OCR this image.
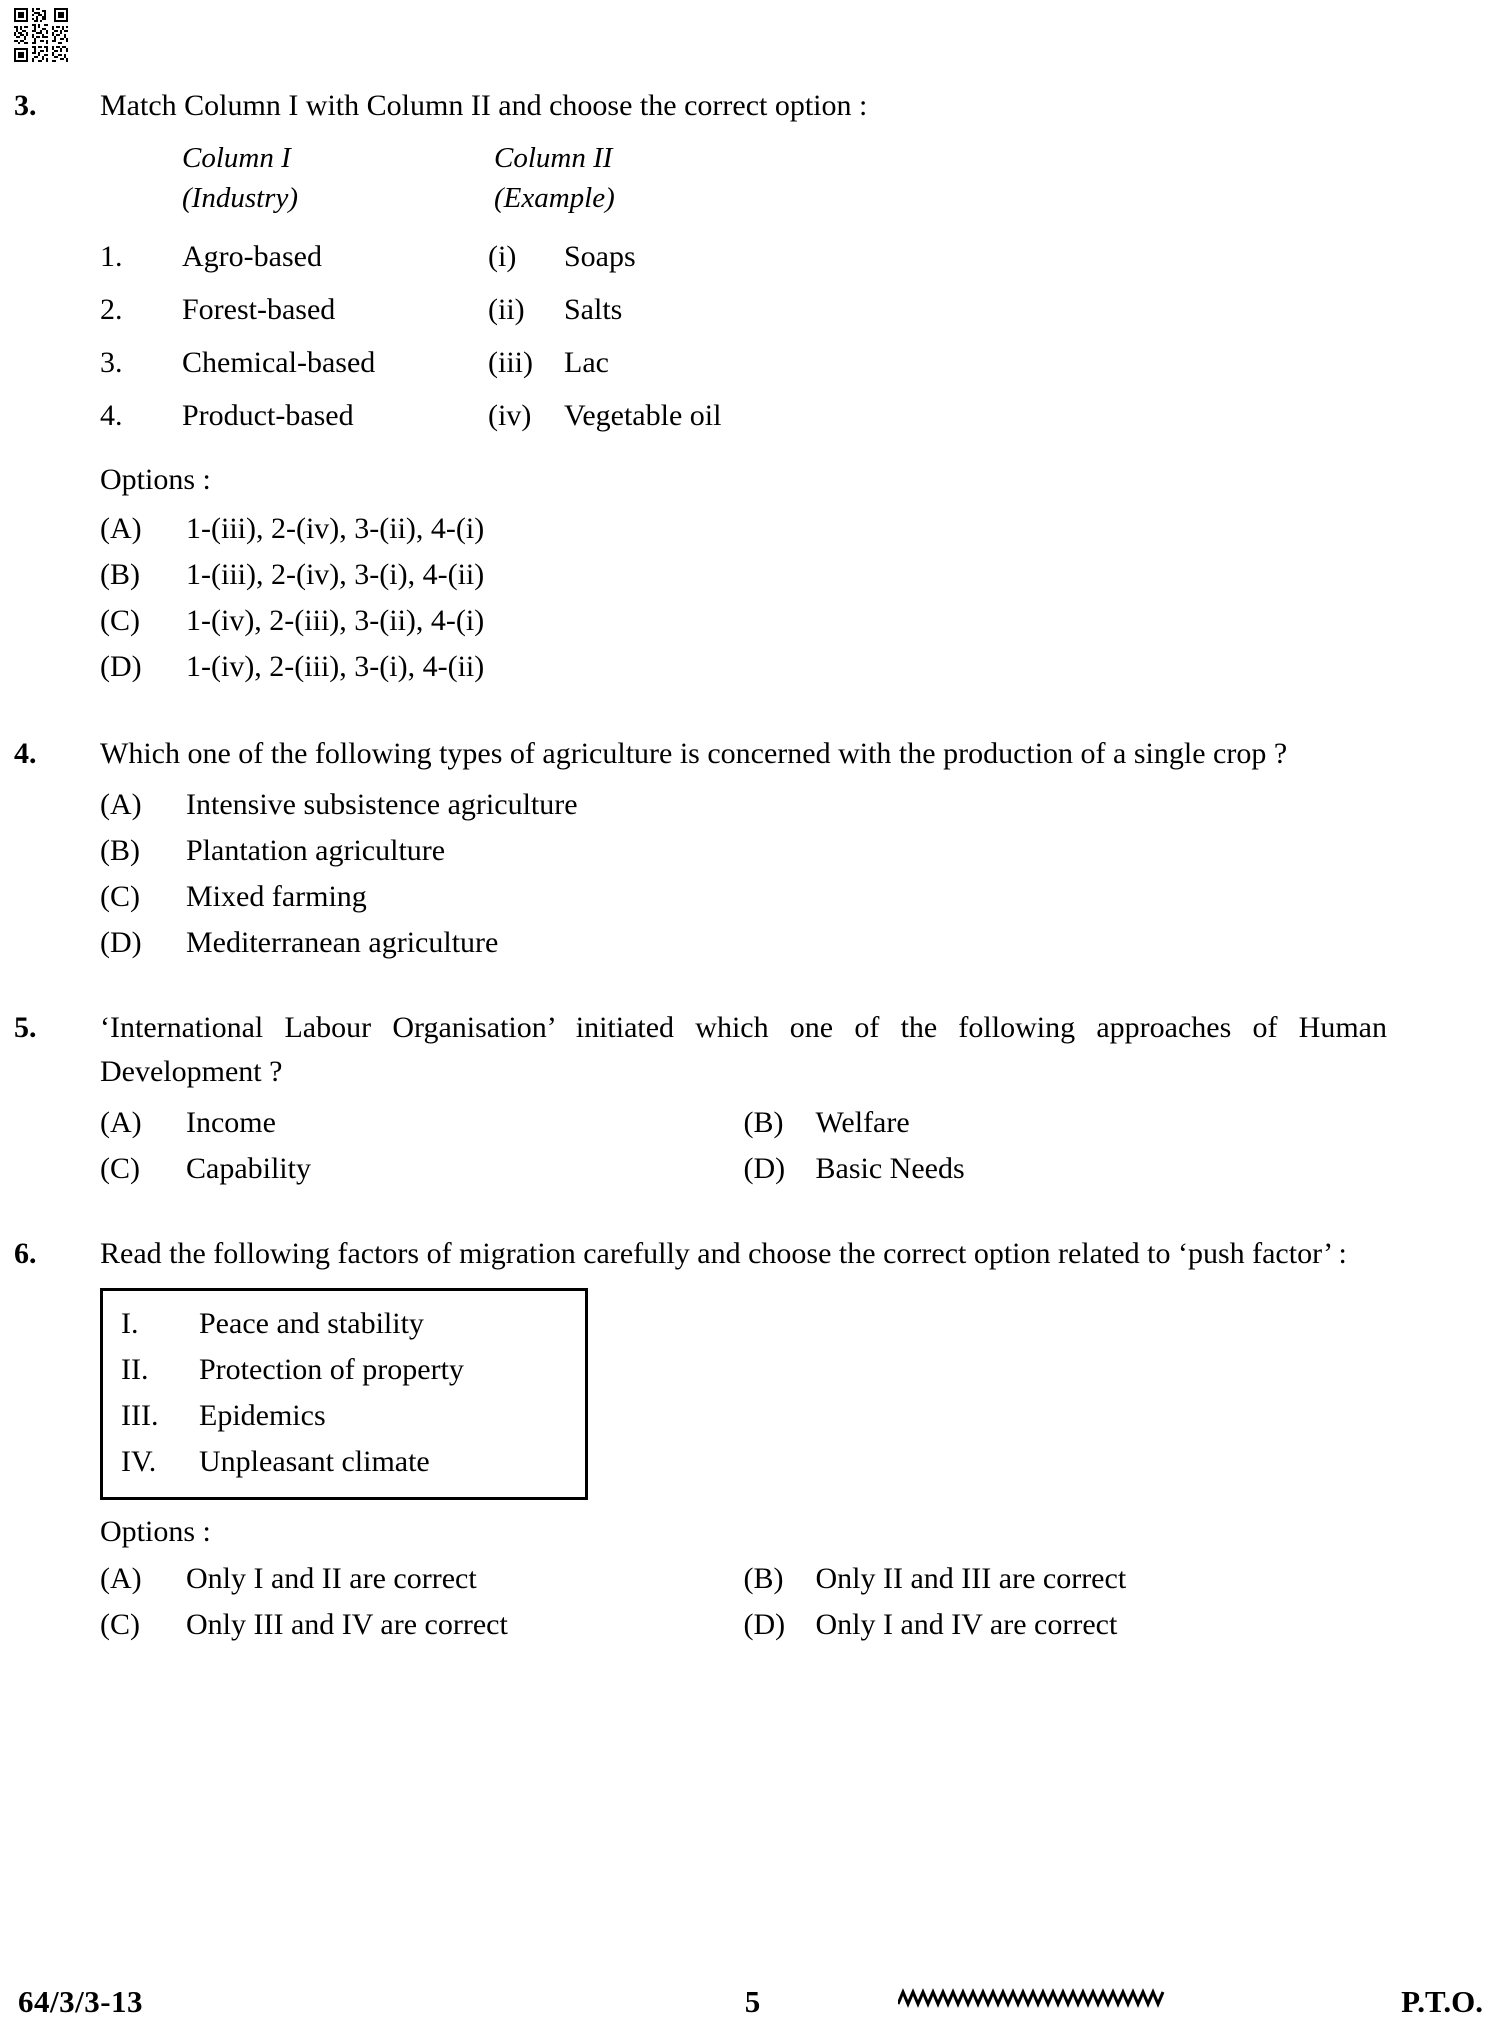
3.	Match Column I with Column II and choose the correct option :

Column I
(Industry)
Column II
(Example)
1.	Agro-based	(i)	Soaps
2.	Forest-based	(ii)	Salts
3.	Chemical-based	(iii)	Lac
4.	Product-based	(iv)	Vegetable oil
Options :
(A)	1-(iii), 2-(iv), 3-(ii), 4-(i)
(B)	1-(iii), 2-(iv), 3-(i), 4-(ii)
(C)	1-(iv), 2-(iii), 3-(ii), 4-(i)
(D)	1-(iv), 2-(iii), 3-(i), 4-(ii)
4.	Which one of the following types of agriculture is concerned with the production of a single crop ?

(A)	Intensive subsistence agriculture
(B)	Plantation agriculture
(C)	Mixed farming
(D)	Mediterranean agriculture
5.	‘International Labour Organisation’ initiated which one of the following approaches of Human Development ?

(A)	Income	(B)	Welfare
(C)	Capability	(D)	Basic Needs
6.	Read the following factors of migration carefully and choose the correct option related to ‘push factor’ :

I.	Peace and stability
II.	Protection of property
III.	Epidemics
IV.	Unpleasant climate
Options :
(A)	Only I and II are correct	(B)	Only II and III are correct
(C)	Only III and IV are correct	(D)	Only I and IV are correct
64/3/3-13	5	P.T.O.
